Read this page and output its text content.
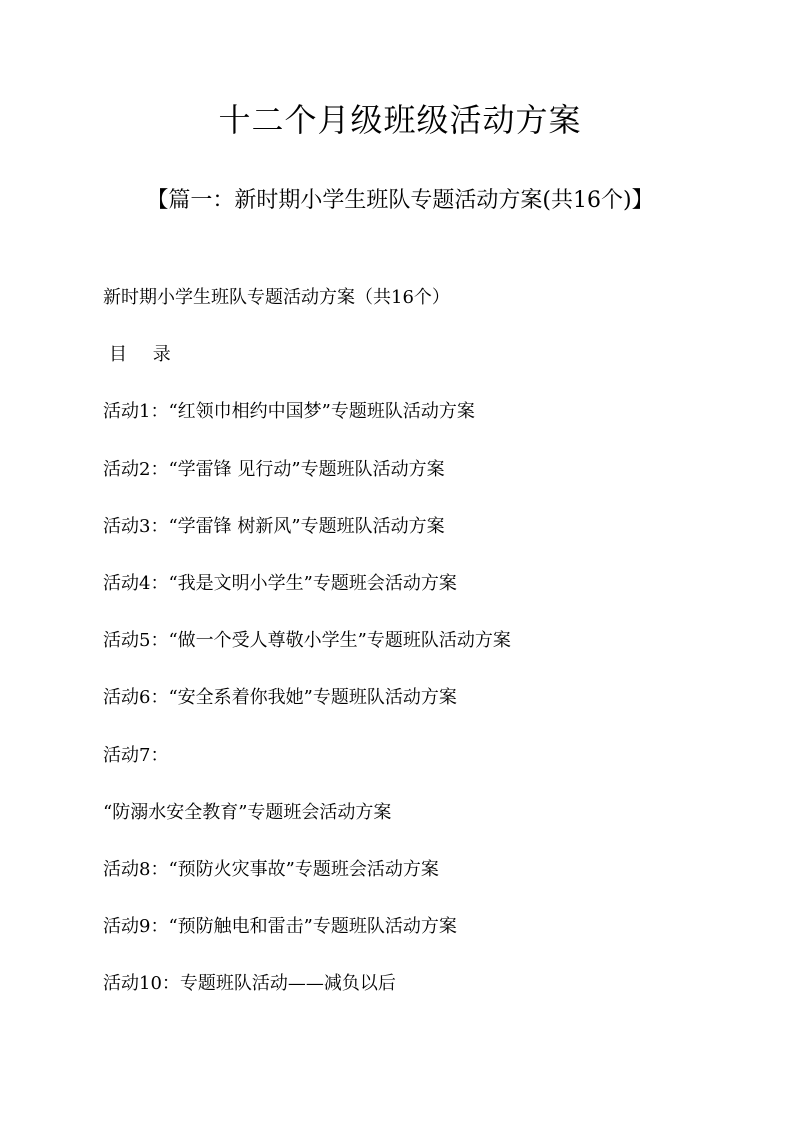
十二个月级班级活动方案
【篇一：新时期小学生班队专题活动方案(共16个)】
新时期小学生班队专题活动方案（共16个）
目 录
活动1：“红领巾相约中国梦”专题班队活动方案
活动2：“学雷锋 见行动”专题班队活动方案
活动3：“学雷锋 树新风”专题班队活动方案
活动4：“我是文明小学生”专题班会活动方案
活动5：“做一个受人尊敬小学生”专题班队活动方案
活动6：“安全系着你我她”专题班队活动方案
活动7：
“防溺水安全教育”专题班会活动方案
活动8：“预防火灾事故”专题班会活动方案
活动9：“预防触电和雷击”专题班队活动方案
活动10：专题班队活动——减负以后
